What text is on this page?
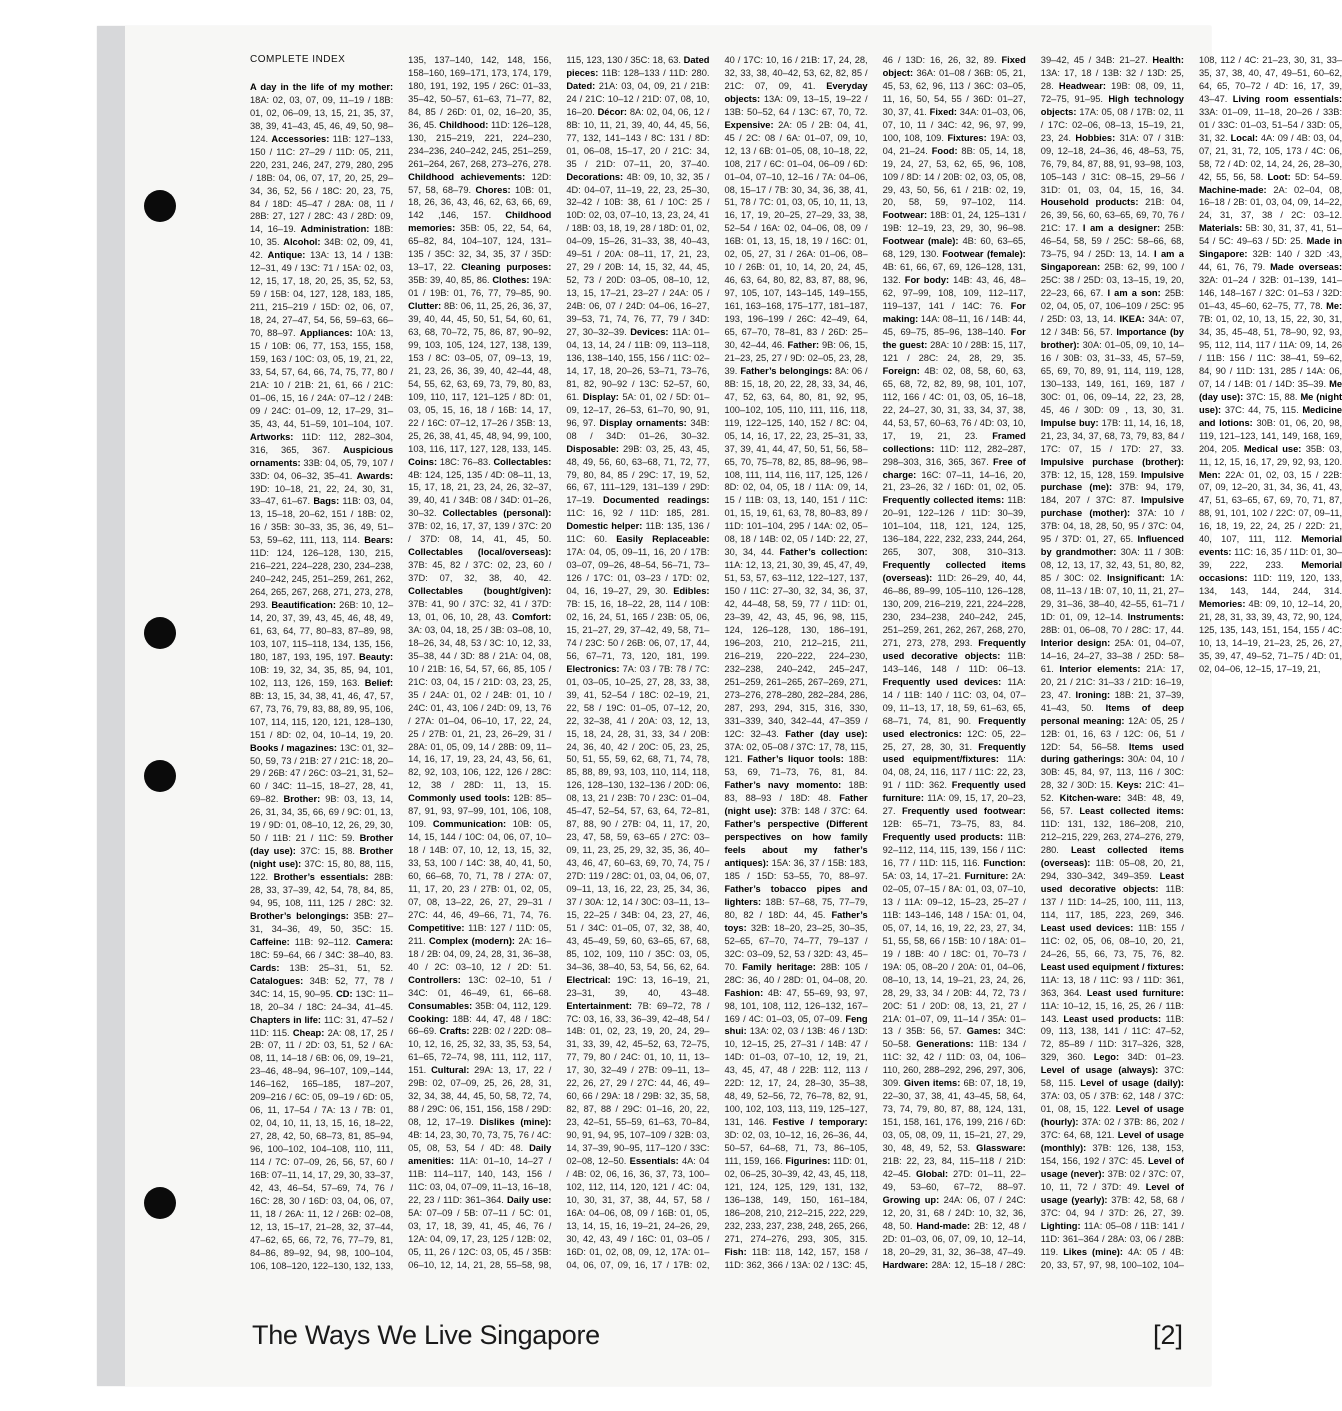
COMPLETE INDEX
A day in the life of my mother: 18A: 02, 03, 07, 09, 11–19 / 18B: 01, 02, 06–09, 13, 15, 21, 35, 37, 38, 39, 41–43, 45, 46, 49, 50, 98–124. Accessories: 11B: 127–133, 150 / 11C: 27–29 / 11D: 05, 211, 220, 231, 246, 247, 279, 280, 295 / 18B: 04, 06, 07, 17, 20, 25, 29–34, 36, 52, 56 / 18C: 20, 23, 75, 84 / 18D: 45–47 / 28A: 08, 11 / 28B: 27, 127 / 28C: 43 / 28D: 09, 14, 16–19. Administration: 18B: 10, 35. Alcohol: 34B: 02, 09, 41, 42. Antique: 13A: 13, 14 / 13B: 12–31, 49 / 13C: 71 / 15A: 02, 03, 12, 15, 17, 18, 20, 25, 35, 52, 53, 59 / 15B: 04, 127, 128, 183, 185, 211, 215–219 / 15D: 02, 06, 07, 18, 24, 27–47, 54, 56, 59–63, 66–70, 88–97. Appliances: 10A: 13, 15 / 10B: 06, 77, 153, 155, 158, 159, 163 / 10C: 03, 05, 19, 21, 22, 33, 54, 57, 64, 66, 74, 75, 77, 80 / 21A: 10 / 21B: 21, 61, 66 / 21C: 01–06, 15, 16 / 24A: 07–12 / 24B: 09 / 24C: 01–09, 12, 17–29, 31–35, 43, 44, 51–59, 101–104, 107. Artworks: 11D: 112, 282–304, 316, 365, 367. Auspicious ornaments: 33B: 04, 05, 79, 107 / 33D: 04, 06–32, 35–41. Awards: 19D: 10–18, 21, 22, 24, 30, 31, 33–47, 61–67. Bags: 11B: 03, 04, 13, 15–18, 20–62, 151 / 18B: 02, 16 / 35B: 30–33, 35, 36, 49, 51–53, 59–62, 111, 113, 114. Bears: 11D: 124, 126–128, 130, 215, 216–221, 224–228, 230, 234–238, 240–242, 245, 251–259, 261, 262, 264, 265, 267, 268, 271, 273, 278, 293. Beautification: 26B: 10, 12–14, 20, 37, 39, 43, 45, 46, 48, 49, 61, 63, 64, 77, 80–83, 87–89, 98, 103, 107, 115–118, 134, 135, 156, 180, 187, 193, 195, 197. Beauty: 10B: 19, 32, 34, 35, 85, 94, 101, 102, 113, 126, 159, 163. Belief: 8B: 13, 15, 34, 38, 41, 46, 47, 57, 67, 73, 76, 79, 83, 88, 89, 95, 106, 107, 114, 115, 120, 121, 128–130, 151 / 8D: 02, 04, 10–14, 19, 20. Books / magazines: 13C: 01, 32–50, 59, 73 / 21B: 27 / 21C: 18, 20–29 / 26B: 47 / 26C: 03–21, 31, 52–60 / 34C: 11–15, 18–27, 28, 41, 69–82. Brother: 9B: 03, 13, 14, 26, 31, 34, 35, 66, 69 / 9C: 01, 13, 19 / 9D: 01, 08–10, 12, 26, 29, 30, 50 / 11B: 21 / 11C: 59. Brother (day use): 37C: 15, 88. Brother (night use): 37C: 15, 80, 88, 115, 122. Brother’s essentials: 28B: 28, 33, 37–39, 42, 54, 78, 84, 85, 94, 95, 108, 111, 125 / 28C: 32. Brother’s belongings: 35B: 27–31, 34–36, 49, 50, 35C: 15. Caffeine: 11B: 92–112. Camera: 18C: 59–64, 66 / 34C: 38–40, 83. Cards: 13B: 25–31, 51, 52. Catalogues: 34B: 52, 77, 78 / 34C: 14, 15, 90–95. CD: 13C: 11–18, 20–34 / 18C: 24–34, 41–45. Chapters in life: 11C: 31, 47–52 / 11D: 115. Cheap: 2A: 08, 17, 25 / 2B: 07, 11 / 2D: 03, 51, 52 / 6A: 08, 11, 14–18 / 6B: 06, 09, 19–21, 23–46, 48–94, 96–107, 109,–144, 146–162, 165–185, 187–207, 209–216 / 6C: 05, 09–19 / 6D: 05, 06, 11, 17–54 / 7A: 13 / 7B: 01, 02, 04, 10, 11, 13, 15, 16, 18–22, 27, 28, 42, 50, 68–73, 81, 85–94, 96, 100–102, 104–108, 110, 111, 114 / 7C: 07–09, 26, 56, 57, 60 / 16B: 07–11, 14, 17, 29, 30, 33–37, 42, 43, 46–54, 57–69, 74, 76 / 16C: 28, 30 / 16D: 03, 04, 06, 07, 11, 18 / 26A: 11, 12 / 26B: 02–08, 12, 13, 15–17, 21–28, 32, 37–44, 47–62, 65, 66, 72, 76, 77–79, 81, 84–86, 89–92, 94, 98, 100–104, 106, 108–120, 122–130, 132, 133, 135, 137–140, 142, 148, 156, 158–160, 169–171, 173, 174, 179, 180, 191, 192, 195 / 26C: 01–33, 35–42, 50–57, 61–63, 71–77, 82, 84, 85 / 26D: 01, 02, 16–20, 35, 36, 45. Childhood: 11D: 126–128, 130, 215–219, 221, 224–230, 234–236, 240–242, 245, 251–259, 261–264, 267, 268, 273–276, 278. Childhood achievements: 12D: 57, 58, 68–79. Chores: 10B: 01, 18, 26, 36, 43, 46, 62, 63, 66, 69, 142 ,146, 157. Childhood memories: 35B: 05, 22, 54, 64, 65–82, 84, 104–107, 124, 131–135 / 35C: 32, 34, 35, 37 / 35D: 13–17, 22. Cleaning purposes: 35B: 39, 40, 85, 86. Clothes: 19A: 01 / 19B: 01, 76, 77, 79–85, 90. Clutter: 8B: 06, 11, 25, 26, 36, 37, 39, 40, 44, 45, 50, 51, 54, 60, 61, 63, 68, 70–72, 75, 86, 87, 90–92, 99, 103, 105, 124, 127, 138, 139, 153 / 8C: 03–05, 07, 09–13, 19, 21, 23, 26, 36, 39, 40, 42–44, 48, 54, 55, 62, 63, 69, 73, 79, 80, 83, 109, 110, 117, 121–125 / 8D: 01, 03, 05, 15, 16, 18 / 16B: 14, 17, 22 / 16C: 07–12, 17–26 / 35B: 13, 25, 26, 38, 41, 45, 48, 94, 99, 100, 103, 116, 117, 127, 128, 133, 145. Coins: 18C: 76–83. Collectables: 4B: 124, 125, 135 / 4D: 08–11, 13, 15, 17, 18, 21, 23, 24, 26, 32–37, 39, 40, 41 / 34B: 08 / 34D: 01–26, 30–32. Collectables (personal): 37B: 02, 16, 17, 37, 139 / 37C: 20 / 37D: 08, 14, 41, 45, 50. Collectables (local/overseas): 37B: 45, 82 / 37C: 02, 23, 60 / 37D: 07, 32, 38, 40, 42. Collectables (bought/given): 37B: 41, 90 / 37C: 32, 41 / 37D: 13, 01, 06, 10, 28, 43. Comfort: 3A: 03, 04, 18, 25 / 3B: 03–08, 10, 18–26, 34, 48, 53 / 3C: 10, 12, 33, 35–38, 44 / 3D: 88 / 21A: 04, 08, 10 / 21B: 16, 54, 57, 66, 85, 105 / 21C: 03, 04, 15 / 21D: 03, 23, 25, 35 / 24A: 01, 02 / 24B: 01, 10 / 24C: 01, 43, 106 / 24D: 09, 13, 76 / 27A: 01–04, 06–10, 17, 22, 24, 25 / 27B: 01, 21, 23, 26–29, 31 / 28A: 01, 05, 09, 14 / 28B: 09, 11–14, 16, 17, 19, 23, 24, 43, 56, 61, 82, 92, 103, 106, 122, 126 / 28C: 12, 38 / 28D: 11, 13, 15. Commonly used tools: 12B: 85–87, 91, 93, 97–99, 101, 106, 108, 109. Communication: 10B: 05, 14, 15, 144 / 10C: 04, 06, 07, 10–18 / 14B: 07, 10, 12, 13, 15, 32, 33, 53, 100 / 14C: 38, 40, 41, 50, 60, 66–68, 70, 71, 78 / 27A: 07, 11, 17, 20, 23 / 27B: 01, 02, 05, 07, 08, 13–22, 26, 27, 29–31 / 27C: 44, 46, 49–66, 71, 74, 76. Competitive: 11B: 127 / 11D: 05, 211. Complex (modern): 2A: 16–18 / 2B: 04, 09, 24, 28, 31, 36–38, 40 / 2C: 03–10, 12 / 2D: 51. Controllers: 13C: 02–10, 51 / 34C: 01, 46–49, 61, 66–68. Consumables: 35B: 04, 112, 129. Cooking: 18B: 44, 47, 48 / 18C: 66–69. Crafts: 22B: 02 / 22D: 08–10, 12, 16, 25, 32, 33, 35, 53, 54, 61–65, 72–74, 98, 111, 112, 117, 151. Cultural: 29A: 13, 17, 22 / 29B: 02, 07–09, 25, 26, 28, 31, 32, 34, 38, 44, 45, 50, 58, 72, 74, 88 / 29C: 06, 151, 156, 158 / 29D: 08, 12, 17–19. Dislikes (mine): 4B: 14, 23, 30, 70, 73, 75, 76 / 4C: 05, 08, 53, 54 / 4D: 48. Daily amenities: 11A: 01–10, 14–27 / 11B: 114–117, 140, 143, 156 / 11C: 03, 04, 07–09, 11–13, 16–18, 22, 23 / 11D: 361–364. Daily use: 5A: 07–09 / 5B: 07–11 / 5C: 01, 03, 17, 18, 39, 41, 45, 46, 76 / 12A: 04, 09, 17, 23, 125 / 12B: 02, 05, 11, 26 / 12C: 03, 05, 45 / 35B: 06–10, 12, 14, 21, 28, 55–58, 98, 115, 123, 130 / 35C: 18, 63. Dated pieces: 11B: 128–133 / 11D: 280. Dated: 21A: 03, 04, 09, 21 / 21B: 24 / 21C: 10–12 / 21D: 07, 08, 10, 16–20. Décor: 8A: 02, 04, 06, 12 / 8B: 10, 11, 21, 39, 40, 44, 45, 56, 77, 132, 141–143 / 8C: 131 / 8D: 01, 06–08, 15–17, 20 / 21C: 34, 35 / 21D: 07–11, 20, 37–40. Decorations: 4B: 09, 10, 32, 35 / 4D: 04–07, 11–19, 22, 23, 25–30, 32–42 / 10B: 38, 61 / 10C: 25 / 10D: 02, 03, 07–10, 13, 23, 24, 41 / 18B: 03, 18, 19, 28 / 18D: 01, 02, 04–09, 15–26, 31–33, 38, 40–43, 49–51 / 20A: 08–11, 17, 21, 23, 27, 29 / 20B: 14, 15, 32, 44, 45, 52, 73 / 20D: 03–05, 08–10, 12, 13, 15, 17–21, 23–27 / 24A: 05 / 24B: 06, 07 / 24D: 04–06, 16–27, 39–53, 71, 74, 76, 77, 79 / 34D: 27, 30–32–39. Devices: 11A: 01–04, 13, 14, 24 / 11B: 09, 113–118, 136, 138–140, 155, 156 / 11C: 02–14, 17, 18, 20–26, 53–71, 73–76, 81, 82, 90–92 / 13C: 52–57, 60, 61. Display: 5A: 01, 02 / 5D: 01–09, 12–17, 26–53, 61–70, 90, 91, 96, 97. Display ornaments: 34B: 08 / 34D: 01–26, 30–32. Disposable: 29B: 03, 25, 43, 45, 48, 49, 56, 60, 63–68, 71, 72, 77, 79, 80, 84, 85 / 29C: 17, 19, 52, 66, 67, 111–129, 131–139 / 29D: 17–19. Documented readings: 11C: 16, 92 / 11D: 185, 281. Domestic helper: 11B: 135, 136 / 11C: 60. Easily Replaceable: 17A: 04, 05, 09–11, 16, 20 / 17B: 03–07, 09–26, 48–54, 56–71, 73–126 / 17C: 01, 03–23 / 17D: 02, 04, 16, 19–27, 29, 30. Edibles: 7B: 15, 16, 18–22, 28, 114 / 10B: 02, 16, 24, 51, 165 / 23B: 05, 06, 15, 21–27, 29, 37–42, 49, 58, 71–74 / 23C: 50 / 26B: 06, 07, 17, 44, 56, 67–71, 73, 120, 181, 199. Electronics: 7A: 03 / 7B: 78 / 7C: 01, 03–05, 10–25, 27, 28, 33, 38, 39, 41, 52–54 / 18C: 02–19, 21, 22, 58 / 19C: 01–05, 07–12, 20, 22, 32–38, 41 / 20A: 03, 12, 13, 15, 18, 24, 28, 31, 33, 34 / 20B: 24, 36, 40, 42 / 20C: 05, 23, 25, 50, 51, 55, 59, 62, 68, 71, 74, 78, 85, 88, 89, 93, 103, 110, 114, 118, 126, 128–130, 132–136 / 20D: 06, 08, 13, 21 / 23B: 70 / 23C: 01–04, 45–47, 52–54, 57, 63, 64, 72–81, 87, 88, 90 / 27B: 04, 11, 17, 20, 23, 47, 58, 59, 63–65 / 27C: 03–09, 11, 23, 25, 29, 32, 35, 36, 40–43, 46, 47, 60–63, 69, 70, 74, 75 / 27D: 119 / 28C: 01, 03, 04, 06, 07, 09–11, 13, 16, 22, 23, 25, 34, 36, 37 / 30A: 12, 14 / 30C: 03–11, 13–15, 22–25 / 34B: 04, 23, 27, 46, 51 / 34C: 01–05, 07, 32, 38, 40, 43, 45–49, 59, 60, 63–65, 67, 68, 85, 102, 109, 110 / 35C: 03, 05, 34–36, 38–40, 53, 54, 56, 62, 64. Electrical: 19C: 13, 16–19, 21, 23–31, 39, 40, 43–48. Entertainment: 7B: 69–72, 78 / 7C: 03, 16, 33, 36–39, 42–48, 54 / 14B: 01, 02, 23, 19, 20, 24, 29–31, 33, 39, 42, 45–52, 63, 72–75, 77, 79, 80 / 24C: 01, 10, 11, 13–17, 30, 32–49 / 27B: 09–11, 13–22, 26, 27, 29 / 27C: 44, 46, 49–60, 66 / 29A: 18 / 29B: 32, 35, 58, 82, 87, 88 / 29C: 01–16, 20, 22, 23, 42–51, 55–59, 61–63, 70–84, 90, 91, 94, 95, 107–109 / 32B: 03, 14, 37–39, 90–95, 117–120 / 33C: 02–08, 12–50. Essentials: 4A: 04 / 4B: 02, 06, 16, 36, 37, 73, 100–102, 112, 114, 120, 121 / 4C: 04, 10, 30, 31, 37, 38, 44, 57, 58 / 16A: 04–06, 08, 09 / 16B: 01, 05, 13, 14, 15, 16, 19–21, 24–26, 29, 30, 42, 43, 49 / 16C: 01, 03–05 / 16D: 01, 02, 08, 09, 12, 17A: 01–04, 06, 07, 09, 16, 17 / 17B: 02, 40 / 17C: 10, 16 / 21B: 17, 24, 28, 32, 33, 38, 40–42, 53, 62, 82, 85 / 21C: 07, 09, 41. Everyday objects: 13A: 09, 13–15, 19–22 / 13B: 50–52, 64 / 13C: 67, 70, 72. Expensive: 2A: 05 / 2B: 04, 41, 45 / 2C: 08 / 6A: 01–07, 09, 10, 12, 13 / 6B: 01–05, 08, 10–18, 22, 108, 217 / 6C: 01–04, 06–09 / 6D: 01–04, 07–10, 12–16 / 7A: 04–06, 08, 15–17 / 7B: 30, 34, 36, 38, 41, 51, 78 / 7C: 01, 03, 05, 10, 11, 13, 16, 17, 19, 20–25, 27–29, 33, 38, 52–54 / 16A: 02, 04–06, 08, 09 / 16B: 01, 13, 15, 18, 19 / 16C: 01, 02, 05, 27, 31 / 26A: 01–06, 08–10 / 26B: 01, 10, 14, 20, 24, 45, 46, 63, 64, 80, 82, 83, 87, 88, 96, 97, 105, 107, 143–145, 149–155, 161, 163–168, 175–177, 181–187, 193, 196–199 / 26C: 42–49, 64, 65, 67–70, 78–81, 83 / 26D: 25–30, 42–44, 46. Father: 9B: 06, 15, 21–23, 25, 27 / 9D: 02–05, 23, 28, 39. Father’s belongings: 8A: 06 / 8B: 15, 18, 20, 22, 28, 33, 34, 46, 47, 52, 63, 64, 80, 81, 92, 95, 100–102, 105, 110, 111, 116, 118, 119, 122–125, 140, 152 / 8C: 04, 05, 14, 16, 17, 22, 23, 25–31, 33, 37, 39, 41, 44, 47, 50, 51, 56, 58–65, 70, 75–78, 82, 85, 88–96, 98–108, 111, 114, 116, 117, 125, 126 / 8D: 02, 04, 05, 18 / 11A: 09, 14, 15 / 11B: 03, 13, 140, 151 / 11C: 01, 15, 19, 61, 63, 78, 80–83, 89 / 11D: 101–104, 295 / 14A: 02, 05–08, 18 / 14B: 02, 05 / 14D: 22, 27, 30, 34, 44. Father’s collection: 11A: 12, 13, 21, 30, 39, 45, 47, 49, 51, 53, 57, 63–112, 122–127, 137, 150 / 11C: 27–30, 32, 34, 36, 37, 42, 44–48, 58, 59, 77 / 11D: 01, 23–39, 42, 43, 45, 96, 98, 115, 124, 126–128, 130, 186–191, 196–203, 210, 212–215, 211, 216–219, 220–222, 224–230, 232–238, 240–242, 245–247, 251–259, 261–265, 267–269, 271, 273–276, 278–280, 282–284, 286, 287, 293, 294, 315, 316, 330, 331–339, 340, 342–44, 47–359 / 12C: 32–43. Father (day use): 37A: 02, 05–08 / 37C: 17, 78, 115, 121. Father’s liquor tools: 18B: 53, 69, 71–73, 76, 81, 84. Father’s navy momento: 18B: 83, 88–93 / 18D: 48. Father (night use): 37B: 148 / 37C: 64. Father’s perspective (Different perspectives on how family feels about my father’s antiques): 15A: 36, 37 / 15B: 183, 185 / 15D: 53–55, 70, 88–97. Father’s tobacco pipes and lighters: 18B: 57–68, 75, 77–79, 80, 82 / 18D: 44, 45. Father’s toys: 32B: 18–20, 23–25, 30–35, 52–65, 67–70, 74–77, 79–137 / 32C: 03–09, 52, 53 / 32D: 43, 45–70. Family heritage: 28B: 105 / 28C: 36, 40 / 28D: 01, 04–08, 20. Fashion: 4B: 47, 55–69, 93, 97, 98, 101, 108, 112, 126–132, 167–169 / 4C: 01–03, 05, 07–09. Feng shui: 13A: 02, 03 / 13B: 46 / 13D: 10, 12–15, 25, 27–31 / 14B: 47 / 14D: 01–03, 07–10, 12, 19, 21, 43, 45, 47, 48 / 22B: 112, 113 / 22D: 12, 17, 24, 28–30, 35–38, 48, 49, 52–56, 72, 76–78, 82, 91, 100, 102, 103, 113, 119, 125–127, 131, 146. Festive / temporary: 3D: 02, 03, 10–12, 16, 26–36, 44, 50–57, 64–68, 71, 73, 86–105, 111, 159, 166. Figurines: 11D: 01, 02, 06–25, 30–39, 42, 43, 45, 118, 121, 124, 125, 129, 131, 132, 136–138, 149, 150, 161–184, 186–208, 210, 212–215, 222, 229, 232, 233, 237, 238, 248, 265, 266, 271, 274–276, 293, 305, 315. Fish: 11B: 118, 142, 157, 158 / 11D: 362, 366 / 13A: 02 / 13C: 45, 46 / 13D: 16, 26, 32, 89. Fixed object: 36A: 01–08 / 36B: 05, 21, 45, 53, 62, 96, 113 / 36C: 03–05, 11, 16, 50, 54, 55 / 36D: 01–27, 30, 37, 41. Fixed: 34A: 01–03, 06, 07, 10, 11 / 34C: 42, 96, 97, 99, 100, 108, 109. Fixtures: 19A: 03, 04, 21–24. Food: 8B: 05, 14, 18, 19, 24, 27, 53, 62, 65, 96, 108, 109 / 8D: 14 / 20B: 02, 03, 05, 08, 29, 43, 50, 56, 61 / 21B: 02, 19, 20, 58, 59, 97–102, 114. Footwear: 18B: 01, 24, 125–131 / 19B: 12–19, 23, 29, 30, 96–98. Footwear (male): 4B: 60, 63–65, 68, 129, 130. Footwear (female): 4B: 61, 66, 67, 69, 126–128, 131, 132. For body: 14B: 43, 46, 48–62, 97–99, 108, 109, 112–117, 119–137, 141 / 14C: 76. For making: 14A: 08–11, 16 / 14B: 44, 45, 69–75, 85–96, 138–140. For the guest: 28A: 10 / 28B: 15, 117, 121 / 28C: 24, 28, 29, 35. Foreign: 4B: 02, 08, 58, 60, 63, 65, 68, 72, 82, 89, 98, 101, 107, 112, 166 / 4C: 01, 03, 05, 16–18, 22, 24–27, 30, 31, 33, 34, 37, 38, 44, 53, 57, 60–63, 76 / 4D: 03, 10, 17, 19, 21, 23. Framed collections: 11D: 112, 282–287, 298–303, 316, 365, 367. Free of charge: 16C: 07–11, 14–16, 20, 21, 23–26, 32 / 16D: 01, 02, 05. Frequently collected items: 11B: 20–91, 122–126 / 11D: 30–39, 101–104, 118, 121, 124, 125, 136–184, 222, 232, 233, 244, 264, 265, 307, 308, 310–313. Frequently collected items (overseas): 11D: 26–29, 40, 44, 46–86, 89–99, 105–110, 126–128, 130, 209, 216–219, 221, 224–228, 230, 234–238, 240–242, 245, 251–259, 261, 262, 267, 268, 270, 271, 273, 278, 293. Frequently used decorative objects: 11B: 143–146, 148 / 11D: 06–13. Frequently used devices: 11A: 14 / 11B: 140 / 11C: 03, 04, 07–09, 11–13, 17, 18, 59, 61–63, 65, 68–71, 74, 81, 90. Frequently used electronics: 12C: 05, 22–25, 27, 28, 30, 31. Frequently used equipment/fixtures: 11A: 04, 08, 24, 116, 117 / 11C: 22, 23, 91 / 11D: 362. Frequently used furniture: 11A: 09, 15, 17, 20–23, 27. Frequently used footwear: 12B: 65–71, 73–75, 83, 84. Frequently used products: 11B: 92–112, 114, 115, 139, 156 / 11C: 16, 77 / 11D: 115, 116. Function: 5A: 03, 14, 17–21. Furniture: 2A: 02–05, 07–15 / 8A: 01, 03, 07–10, 13 / 11A: 09–12, 15–23, 25–27 / 11B: 143–146, 148 / 15A: 01, 04, 05, 07, 14, 16, 19, 22, 23, 27, 34, 51, 55, 58, 66 / 15B: 10 / 18A: 01–19 / 18B: 40 / 18C: 01, 70–73 / 19A: 05, 08–20 / 20A: 01, 04–06, 08–10, 13, 14, 19–21, 23, 24, 26, 28, 29, 33, 34 / 20B: 44, 72, 73 / 20C: 51 / 20D: 08, 13, 21, 27 / 21A: 01–07, 09, 11–14 / 35A: 01–13 / 35B: 56, 57. Games: 34C: 50–58. Generations: 11B: 134 / 11C: 32, 42 / 11D: 03, 04, 106–110, 260, 288–292, 296, 297, 306, 309. Given items: 6B: 07, 18, 19, 22–30, 37, 38, 41, 43–45, 58, 64, 73, 74, 79, 80, 87, 88, 124, 131, 151, 158, 161, 176, 199, 216 / 6D: 03, 05, 08, 09, 11, 15–21, 27, 29, 30, 48, 49, 52, 53. Glassware: 21B: 22, 23, 84, 115–118 / 21D: 42–45. Global: 27D: 01–11, 22–49, 53–60, 67–72, 88–97. Growing up: 24A: 06, 07 / 24C: 12, 20, 31, 68 / 24D: 10, 32, 36, 48, 50. Hand-made: 2B: 12, 48 / 2D: 01–03, 06, 07, 09, 10, 12–14, 18, 20–29, 31, 32, 36–38, 47–49. Hardware: 28A: 12, 15–18 / 28C: 39–42, 45 / 34B: 21–27. Health: 13A: 17, 18 / 13B: 32 / 13D: 25, 28. Headwear: 19B: 08, 09, 11, 72–75, 91–95. High technology objects: 17A: 05, 08 / 17B: 02, 11 / 17C: 02–06, 08–13, 15–19, 21, 23, 24. Hobbies: 31A: 07 / 31B: 09, 12–18, 24–36, 46, 48–53, 75, 76, 79, 84, 87, 88, 91, 93–98, 103, 105–143 / 31C: 08–15, 29–56 / 31D: 01, 03, 04, 15, 16, 34. Household products: 21B: 04, 26, 39, 56, 60, 63–65, 69, 70, 76 / 21C: 17. I am a designer: 25B: 46–54, 58, 59 / 25C: 58–66, 68, 73–75, 94 / 25D: 13, 14. I am a Singaporean: 25B: 62, 99, 100 / 25C: 38 / 25D: 03, 13–15, 19, 20, 22–23, 66, 67. I am a son: 25B: 02, 04, 05, 07, 106–109 / 25C: 95 / 25D: 03, 13, 14. IKEA: 34A: 07, 12 / 34B: 56, 57. Importance (by brother): 30A: 01–05, 09, 10, 14–16 / 30B: 03, 31–33, 45, 57–59, 65, 69, 70, 89, 91, 114, 119, 128, 130–133, 149, 161, 169, 187 / 30C: 01, 06, 09–14, 22, 23, 28, 45, 46 / 30D: 09 , 13, 30, 31. Impulse buy: 17B: 11, 14, 16, 18, 21, 23, 34, 37, 68, 73, 79, 83, 84 / 17C: 07, 15 / 17D: 27, 33. Impulsive purchase (brother): 37B: 12, 15, 128, 159. Impulsive purchase (me): 37B: 94, 179, 184, 207 / 37C: 87. Impulsive purchase (mother): 37A: 10 / 37B: 04, 18, 28, 50, 95 / 37C: 04, 95 / 37D: 01, 27, 65. Influenced by grandmother: 30A: 11 / 30B: 08, 12, 13, 17, 32, 43, 51, 80, 82, 85 / 30C: 02. Insignificant: 1A: 08, 11–13 / 1B: 07, 10, 11, 21, 27–29, 31–36, 38–40, 42–55, 61–71 / 1D: 01, 09, 12–14. Instruments: 28B: 01, 06–08, 70 / 28C: 17, 44. Interior design: 25A: 01, 04–07, 14–16, 24–27, 33–38 / 25D: 58–61. Interior elements: 21A: 17, 20, 21 / 21C: 31–33 / 21D: 16–19, 23, 47. Ironing: 18B: 21, 37–39, 41–43, 50. Items of deep personal meaning: 12A: 05, 25 / 12B: 01, 16, 63 / 12C: 06, 51 / 12D: 54, 56–58. Items used during gatherings: 30A: 04, 10 / 30B: 45, 84, 97, 113, 116 / 30C: 28, 32 / 30D: 15. Keys: 21C: 41–52. Kitchen-ware: 34B: 48, 49, 56, 57. Least collected items: 11D: 131, 132, 186–208, 210, 212–215, 229, 263, 274–276, 279, 280. Least collected items (overseas): 11B: 05–08, 20, 21, 294, 330–342, 349–359. Least used decorative objects: 11B: 137 / 11D: 14–25, 100, 111, 113, 114, 117, 185, 223, 269, 346. Least used devices: 11B: 155 / 11C: 02, 05, 06, 08–10, 20, 21, 24–26, 55, 66, 73, 75, 76, 82. Least used equipment / fixtures: 11A: 13, 18 / 11C: 93 / 11D: 361, 363, 364. Least used furniture: 11A: 10–12, 15, 16, 25, 26 / 11B: 143. Least used products: 11B: 09, 113, 138, 141 / 11C: 47–52, 72, 85–89 / 11D: 317–326, 328, 329, 360. Lego: 34D: 01–23. Level of usage (always): 37C: 58, 115. Level of usage (daily): 37A: 03, 05 / 37B: 62, 148 / 37C: 01, 08, 15, 122. Level of usage (hourly): 37A: 02 / 37B: 86, 202 / 37C: 64, 68, 121. Level of usage (monthly): 37B: 126, 138, 153, 154, 156, 192 / 37C: 45. Level of usage (never): 37B: 02 / 37C: 07, 10, 11, 72 / 37D: 49. Level of usage (yearly): 37B: 42, 58, 68 / 37C: 04, 94 / 37D: 26, 27, 39. Lighting: 11A: 05–08 / 11B: 141 / 11D: 361–364 / 28A: 03, 06 / 28B: 119. Likes (mine): 4A: 05 / 4B: 20, 33, 57, 97, 98, 100–102, 104–108, 112 / 4C: 21–23, 30, 31, 33–35, 37, 38, 40, 47, 49–51, 60–62, 64, 65, 70–72 / 4D: 16, 17, 39, 43–47. Living room essentials: 33A: 01–09, 11–18, 20–26 / 33B: 01 / 33C: 01–03, 51–54 / 33D: 05, 31, 32. Local: 4A: 09 / 4B: 03, 04, 07, 21, 31, 72, 105, 173 / 4C: 06, 58, 72 / 4D: 02, 14, 24, 26, 28–30, 42, 55, 56, 58. Loot: 5D: 54–59. Machine-made: 2A: 02–04, 08, 16–18 / 2B: 01, 03, 04, 09, 14–22, 24, 31, 37, 38 / 2C: 03–12. Materials: 5B: 30, 31, 37, 41, 51–54 / 5C: 49–63 / 5D: 25. Made in Singapore: 32B: 140 / 32D :43, 44, 61, 76, 79. Made overseas: 32A: 01–24 / 32B: 01–139, 141–146, 148–167 / 32C: 01–53 / 32D: 01–43, 45–60, 62–75, 77, 78. Me: 7B: 01, 02, 10, 13, 15, 22, 30, 31, 34, 35, 45–48, 51, 78–90, 92, 93, 95, 112, 114, 117 / 11A: 09, 14, 26 / 11B: 156 / 11C: 38–41, 59–62, 84, 90 / 11D: 131, 285 / 14A: 06, 07, 14 / 14B: 01 / 14D: 35–39. Me (day use): 37C: 15, 88. Me (night use): 37C: 44, 75, 115. Medicine and lotions: 30B: 01, 06, 20, 98, 119, 121–123, 141, 149, 168, 169, 204, 205. Medical use: 35B: 03, 11, 12, 15, 16, 17, 29, 92, 93, 120. Men: 22A: 01, 02, 03, 15 / 22B: 07, 09, 12–20, 31, 34, 36, 41, 43, 47, 51, 63–65, 67, 69, 70, 71, 87, 88, 91, 101, 102 / 22C: 07, 09–11, 16, 18, 19, 22, 24, 25 / 22D: 21, 40, 107, 111, 112. Memorial events: 11C: 16, 35 / 11D: 01, 30–39, 222, 233. Memorial occasions: 11D: 119, 120, 133, 134, 143, 144, 244, 314. Memories: 4B: 09, 10, 12–14, 20, 21, 28, 31, 33, 39, 43, 72, 90, 124, 125, 135, 143, 151, 154, 155 / 4C: 10, 13, 14–19, 21–23, 25, 26, 27, 35, 39, 47, 49–52, 71–75 / 4D: 01, 02, 04–06, 12–15, 17–19, 21,
The Ways We Live Singapore	[2]
